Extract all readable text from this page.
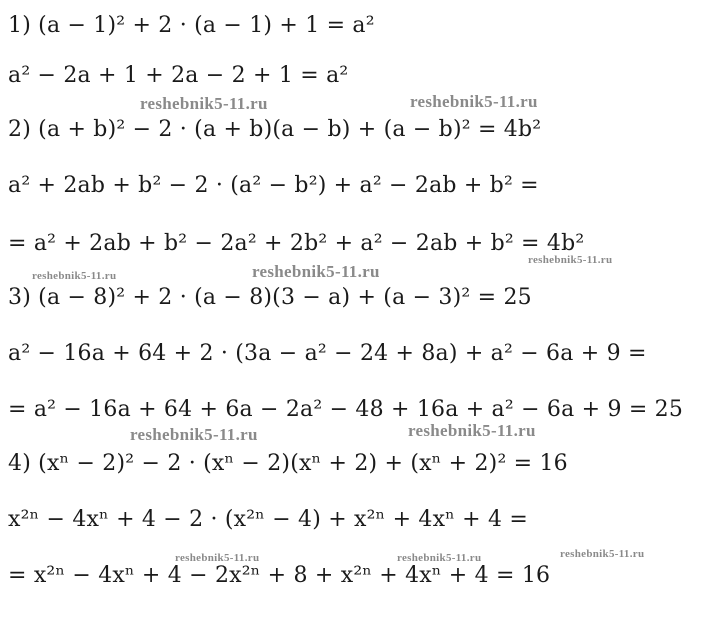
1) (a − 1)² + 2 · (a − 1) + 1 = a²
a² − 2a + 1 + 2a − 2 + 1 = a²
2) (a + b)² − 2 · (a + b)(a − b) + (a − b)² = 4b²
a² + 2ab + b² − 2 · (a² − b²) + a² − 2ab + b² =
= a² + 2ab + b² − 2a² + 2b² + a² − 2ab + b² = 4b²
3) (a − 8)² + 2 · (a − 8)(3 − a) + (a − 3)² = 25
a² − 16a + 64 + 2 · (3a − a² − 24 + 8a) + a² − 6a + 9 =
= a² − 16a + 64 + 6a − 2a² − 48 + 16a + a² − 6a + 9 = 25
4) (xⁿ − 2)² − 2 · (xⁿ − 2)(xⁿ + 2) + (xⁿ + 2)² = 16
x²ⁿ − 4xⁿ + 4 − 2 · (x²ⁿ − 4) + x²ⁿ + 4xⁿ + 4 =
= x²ⁿ − 4xⁿ + 4 − 2x²ⁿ + 8 + x²ⁿ + 4xⁿ + 4 = 16
reshebnik5-11.ru	reshebnik5-11.ru
reshebnik5-11.ru	reshebnik5-11.ru
reshebnik5-11.ru
reshebnik5-11.ru	reshebnik5-11.ru
reshebnik5-11.ru	reshebnik5-11.ru	reshebnik5-11.ru
